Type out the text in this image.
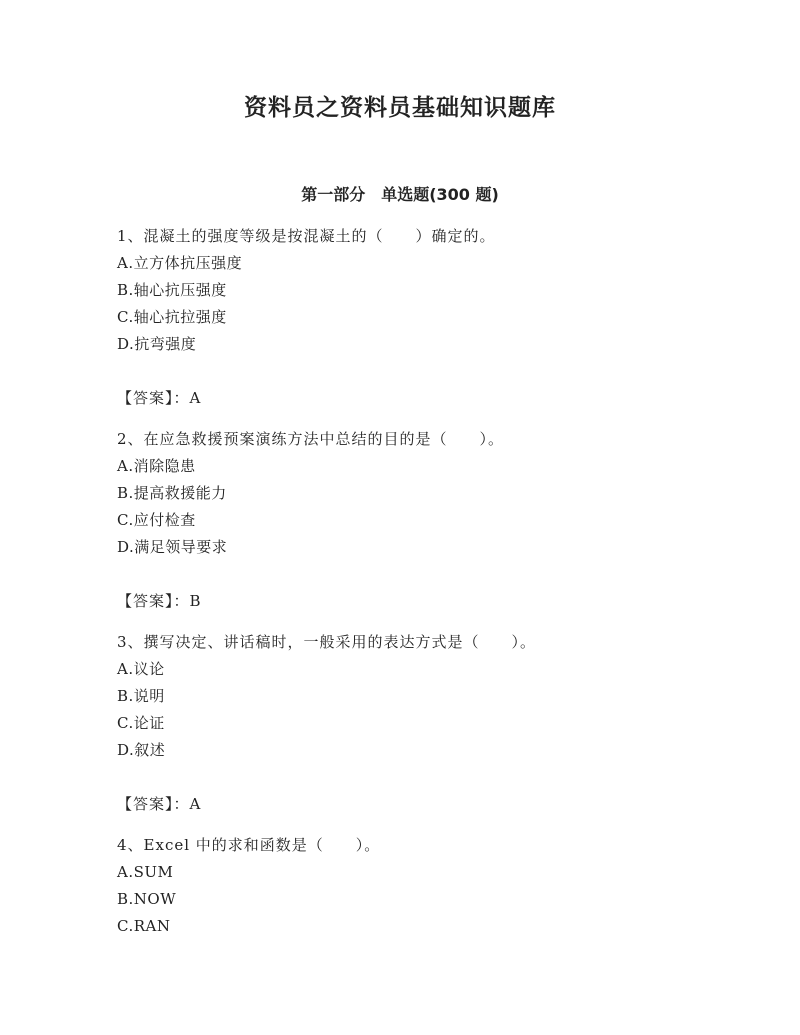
资料员之资料员基础知识题库
第一部分　单选题(300 题)
1、混凝土的强度等级是按混凝土的（　　）确定的。
A.立方体抗压强度
B.轴心抗压强度
C.轴心抗拉强度
D.抗弯强度
【答案】：A
2、在应急救援预案演练方法中总结的目的是（　　）。
A.消除隐患
B.提高救援能力
C.应付检查
D.满足领导要求
【答案】：B
3、撰写决定、讲话稿时，一般采用的表达方式是（　　）。
A.议论
B.说明
C.论证
D.叙述
【答案】：A
4、Excel 中的求和函数是（　　）。
A.SUM
B.NOW
C.RAN
